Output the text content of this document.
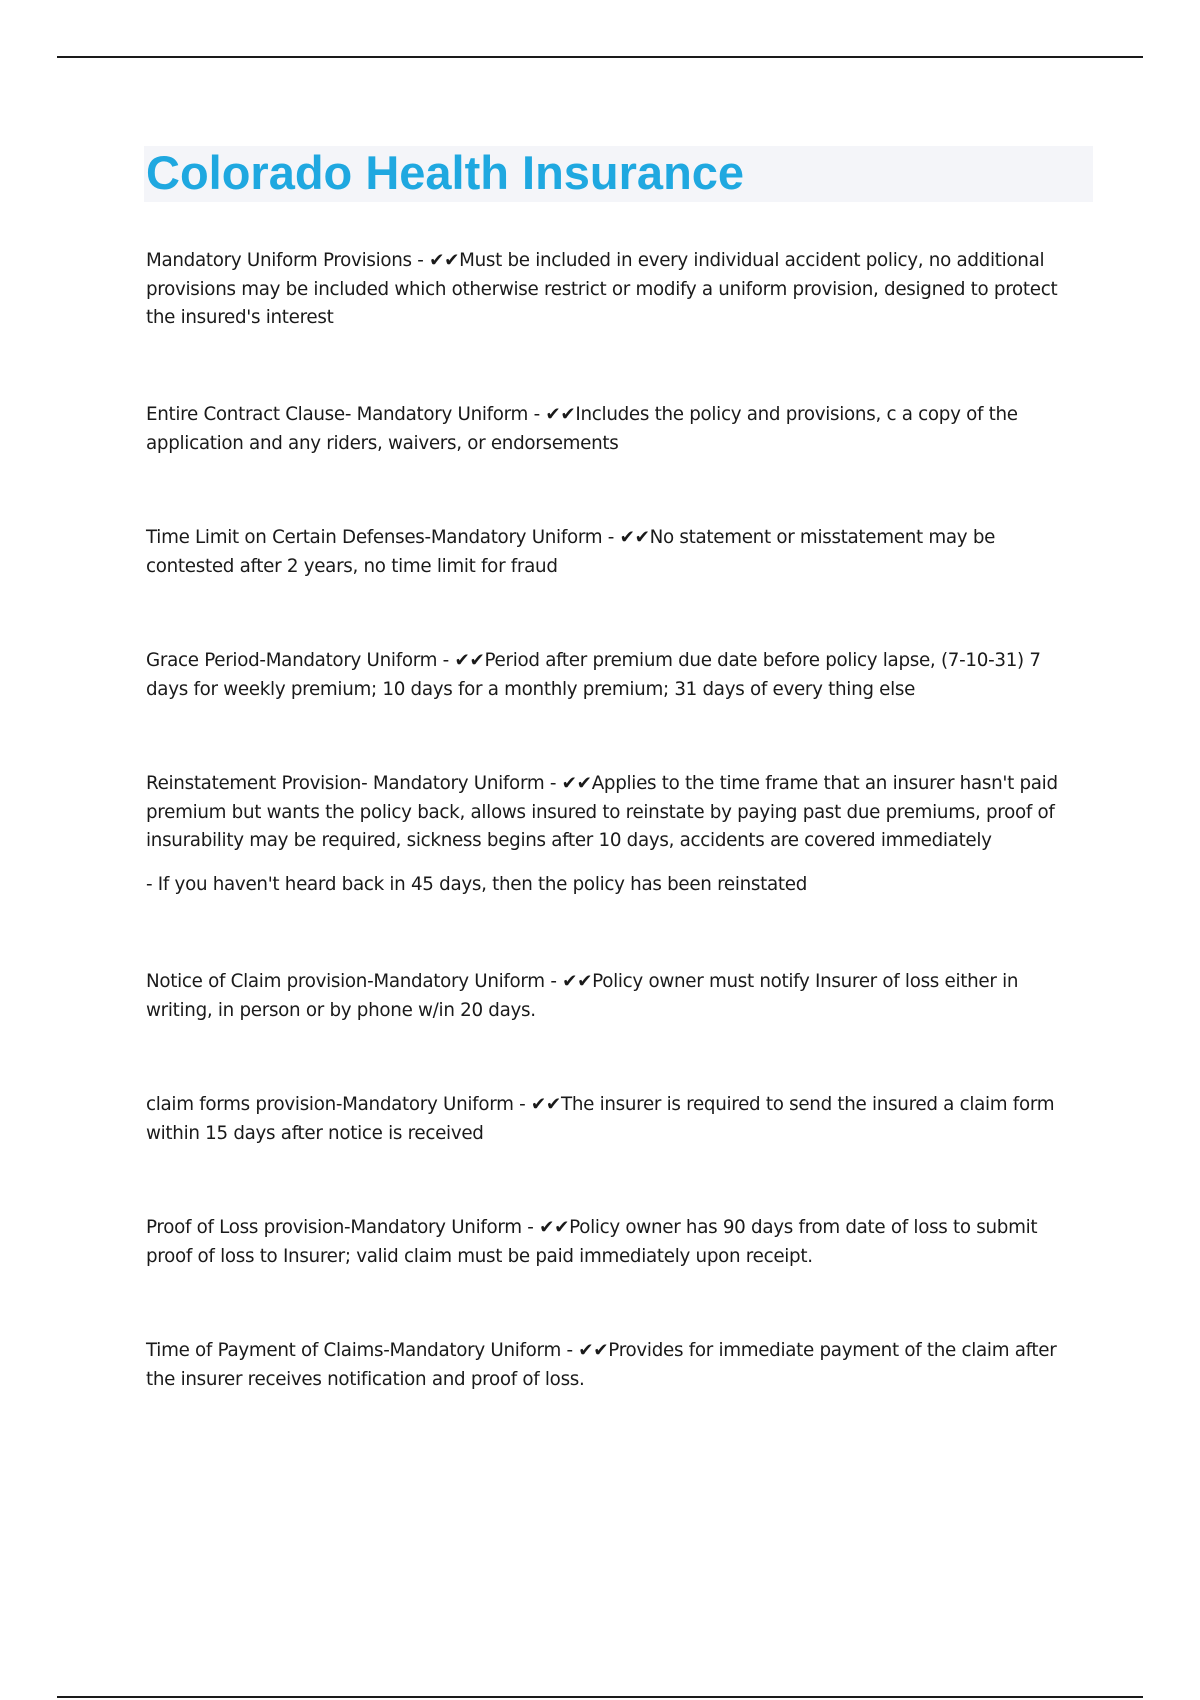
Colorado Health Insurance

Mandatory Uniform Provisions - ✔✔Must be included in every individual accident policy, no additional provisions may be included which otherwise restrict or modify a uniform provision, designed to protect the insured's interest

Entire Contract Clause- Mandatory Uniform - ✔✔Includes the policy and provisions, c a copy of the application and any riders, waivers, or endorsements

Time Limit on Certain Defenses-Mandatory Uniform - ✔✔No statement or misstatement may be contested after 2 years, no time limit for fraud

Grace Period-Mandatory Uniform - ✔✔Period after premium due date before policy lapse, (7-10-31) 7 days for weekly premium; 10 days for a monthly premium; 31 days of every thing else

Reinstatement Provision- Mandatory Uniform - ✔✔Applies to the time frame that an insurer hasn't paid premium but wants the policy back, allows insured to reinstate by paying past due premiums, proof of insurability may be required, sickness begins after 10 days, accidents are covered immediately

- If you haven't heard back in 45 days, then the policy has been reinstated

Notice of Claim provision-Mandatory Uniform - ✔✔Policy owner must notify Insurer of loss either in writing, in person or by phone w/in 20 days.

claim forms provision-Mandatory Uniform - ✔✔The insurer is required to send the insured a claim form within 15 days after notice is received

Proof of Loss provision-Mandatory Uniform - ✔✔Policy owner has 90 days from date of loss to submit proof of loss to Insurer; valid claim must be paid immediately upon receipt.

Time of Payment of Claims-Mandatory Uniform - ✔✔Provides for immediate payment of the claim after the insurer receives notification and proof of loss.
